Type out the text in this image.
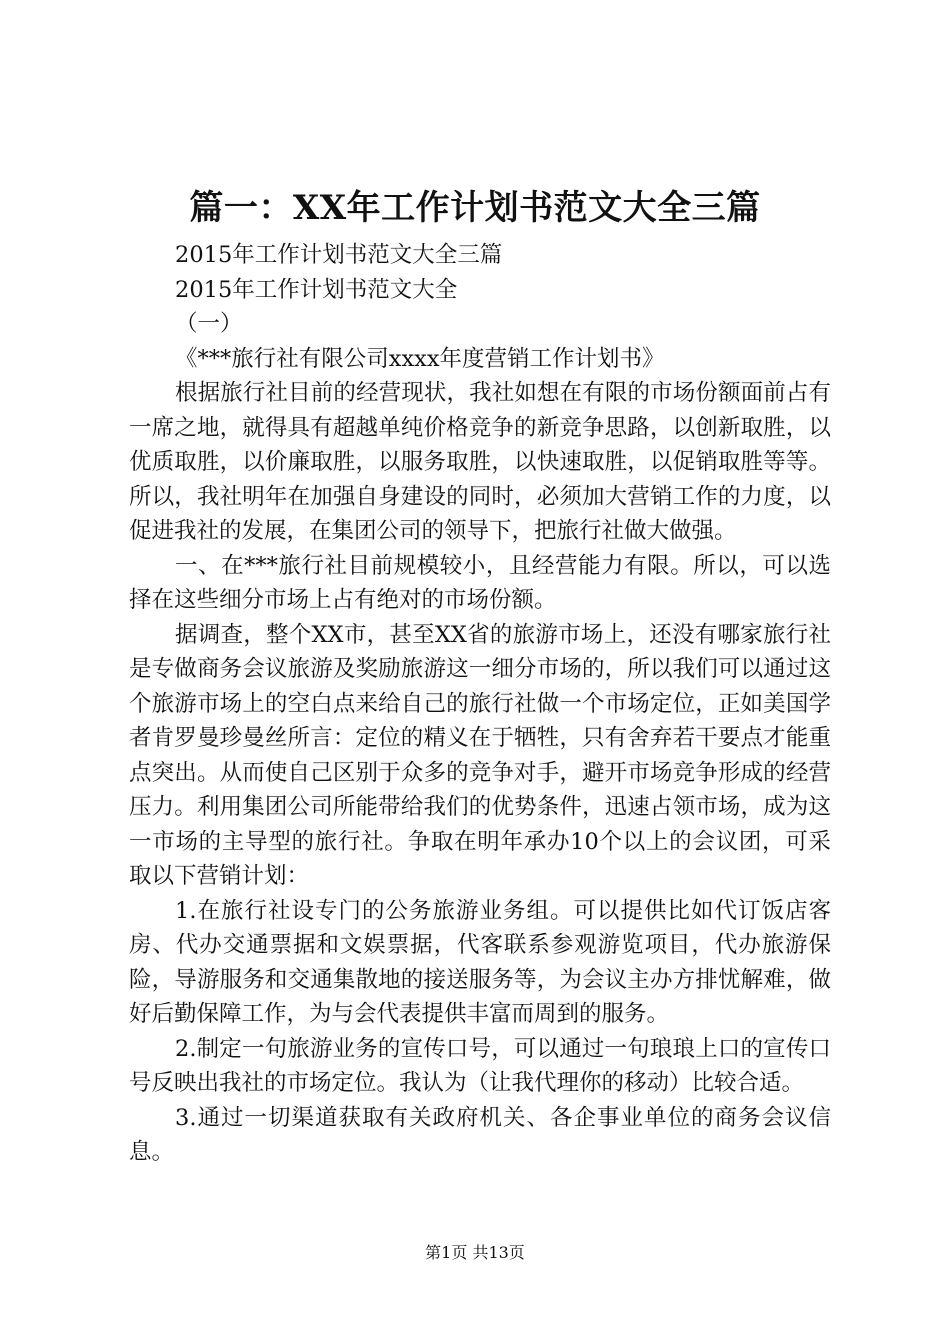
篇一：XX年工作计划书范文大全三篇

2015年工作计划书范文大全三篇

2015年工作计划书范文大全

（一）

《***旅行社有限公司xxxx年度营销工作计划书》

根据旅行社目前的经营现状，我社如想在有限的市场份额面前占有一席之地，就得具有超越单纯价格竞争的新竞争思路，以创新取胜，以优质取胜，以价廉取胜，以服务取胜，以快速取胜，以促销取胜等等。所以，我社明年在加强自身建设的同时，必须加大营销工作的力度，以促进我社的发展，在集团公司的领导下，把旅行社做大做强。

一、在***旅行社目前规模较小，且经营能力有限。所以，可以选择在这些细分市场上占有绝对的市场份额。

据调查，整个XX市，甚至XX省的旅游市场上，还没有哪家旅行社是专做商务会议旅游及奖励旅游这一细分市场的，所以我们可以通过这个旅游市场上的空白点来给自己的旅行社做一个市场定位，正如美国学者肯罗曼珍曼丝所言：定位的精义在于牺牲，只有舍弃若干要点才能重点突出。从而使自己区别于众多的竞争对手，避开市场竞争形成的经营压力。利用集团公司所能带给我们的优势条件，迅速占领市场，成为这一市场的主导型的旅行社。争取在明年承办10个以上的会议团，可采取以下营销计划：

1.在旅行社设专门的公务旅游业务组。可以提供比如代订饭店客房、代办交通票据和文娱票据，代客联系参观游览项目，代办旅游保险，导游服务和交通集散地的接送服务等，为会议主办方排忧解难，做好后勤保障工作，为与会代表提供丰富而周到的服务。

2.制定一句旅游业务的宣传口号，可以通过一句琅琅上口的宣传口号反映出我社的市场定位。我认为（让我代理你的移动）比较合适。

3.通过一切渠道获取有关政府机关、各企事业单位的商务会议信息。

第1页 共13页
